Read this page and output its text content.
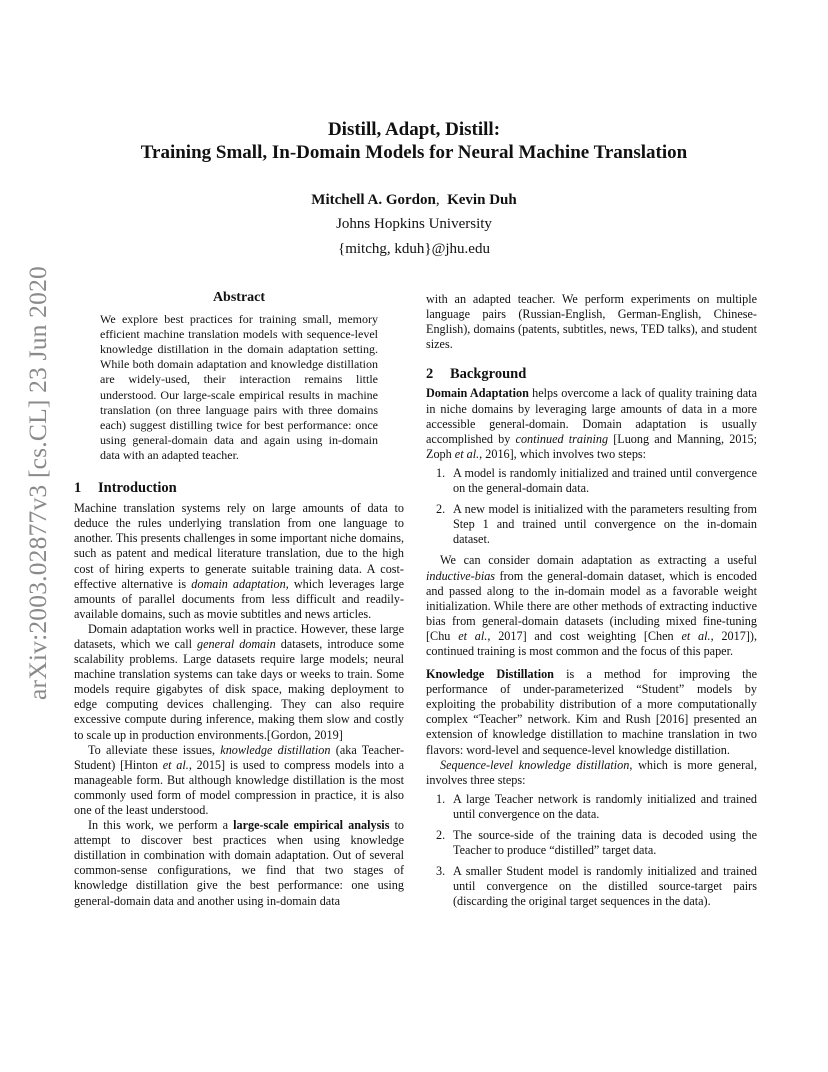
arXiv:2003.02877v3 [cs.CL] 23 Jun 2020
Distill, Adapt, Distill:
Training Small, In-Domain Models for Neural Machine Translation
Mitchell A. Gordon, Kevin Duh
Johns Hopkins University
{mitchg, kduh}@jhu.edu
Abstract

We explore best practices for training small, memory efficient machine translation models with sequence-level knowledge distillation in the domain adaptation setting. While both domain adaptation and knowledge distillation are widely-used, their interaction remains little understood. Our large-scale empirical results in machine translation (on three language pairs with three domains each) suggest distilling twice for best performance: once using general-domain data and again using in-domain data with an adapted teacher.

1 Introduction

Machine translation systems rely on large amounts of data to deduce the rules underlying translation from one language to another. This presents challenges in some important niche domains, such as patent and medical literature translation, due to the high cost of hiring experts to generate suitable training data. A cost-effective alternative is domain adaptation, which leverages large amounts of parallel documents from less difficult and readily-available domains, such as movie subtitles and news articles.

Domain adaptation works well in practice. However, these large datasets, which we call general domain datasets, introduce some scalability problems. Large datasets require large models; neural machine translation systems can take days or weeks to train. Some models require gigabytes of disk space, making deployment to edge computing devices challenging. They can also require excessive compute during inference, making them slow and costly to scale up in production environments.[Gordon, 2019]

To alleviate these issues, knowledge distillation (aka Teacher-Student) [Hinton et al., 2015] is used to compress models into a manageable form. But although knowledge distillation is the most commonly used form of model compression in practice, it is also one of the least understood.

In this work, we perform a large-scale empirical analysis to attempt to discover best practices when using knowledge distillation in combination with domain adaptation. Out of several common-sense configurations, we find that two stages of knowledge distillation give the best performance: one using general-domain data and another using in-domain data

with an adapted teacher. We perform experiments on multiple language pairs (Russian-English, German-English, Chinese-English), domains (patents, subtitles, news, TED talks), and student sizes.

2 Background

Domain Adaptation helps overcome a lack of quality training data in niche domains by leveraging large amounts of data in a more accessible general-domain. Domain adaptation is usually accomplished by continued training [Luong and Manning, 2015; Zoph et al., 2016], which involves two steps:

1. A model is randomly initialized and trained until convergence on the general-domain data.
2. A new model is initialized with the parameters resulting from Step 1 and trained until convergence on the in-domain dataset.

We can consider domain adaptation as extracting a useful inductive-bias from the general-domain dataset, which is encoded and passed along to the in-domain model as a favorable weight initialization. While there are other methods of extracting inductive bias from general-domain datasets (including mixed fine-tuning [Chu et al., 2017] and cost weighting [Chen et al., 2017]), continued training is most common and the focus of this paper.

Knowledge Distillation is a method for improving the performance of under-parameterized “Student” models by exploiting the probability distribution of a more computationally complex “Teacher” network. Kim and Rush [2016] presented an extension of knowledge distillation to machine translation in two flavors: word-level and sequence-level knowledge distillation.

Sequence-level knowledge distillation, which is more general, involves three steps:

1. A large Teacher network is randomly initialized and trained until convergence on the data.
2. The source-side of the training data is decoded using the Teacher to produce “distilled” target data.
3. A smaller Student model is randomly initialized and trained until convergence on the distilled source-target pairs (discarding the original target sequences in the data).
